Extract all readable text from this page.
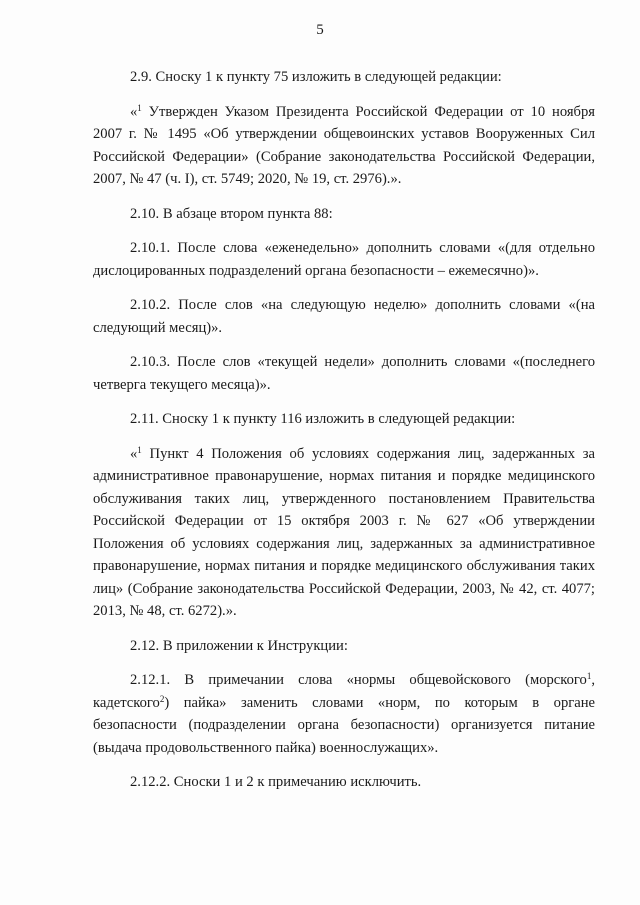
5

2.9. Сноску 1 к пункту 75 изложить в следующей редакции:

«$^1$ Утвержден Указом Президента Российской Федерации от 10 ноября 2007 г. № 1495 «Об утверждении общевоинских уставов Вооруженных Сил Российской Федерации» (Собрание законодательства Российской Федерации, 2007, № 47 (ч. I), ст. 5749; 2020, № 19, ст. 2976).».

2.10. В абзаце втором пункта 88:

2.10.1. После слова «еженедельно» дополнить словами «(для отдельно дислоцированных подразделений органа безопасности – ежемесячно)».

2.10.2. После слов «на следующую неделю» дополнить словами «(на следующий месяц)».

2.10.3. После слов «текущей недели» дополнить словами «(последнего четверга текущего месяца)».

2.11. Сноску 1 к пункту 116 изложить в следующей редакции:

«$^1$ Пункт 4 Положения об условиях содержания лиц, задержанных за административное правонарушение, нормах питания и порядке медицинского обслуживания таких лиц, утвержденного постановлением Правительства Российской Федерации от 15 октября 2003 г. № 627 «Об утверждении Положения об условиях содержания лиц, задержанных за административное правонарушение, нормах питания и порядке медицинского обслуживания таких лиц» (Собрание законодательства Российской Федерации, 2003, № 42, ст. 4077; 2013, № 48, ст. 6272).».

2.12. В приложении к Инструкции:

2.12.1. В примечании слова «нормы общевойскового (морского$^1$, кадетского$^2$) пайка» заменить словами «норм, по которым в органе безопасности (подразделении органа безопасности) организуется питание (выдача продовольственного пайка) военнослужащих».

2.12.2. Сноски 1 и 2 к примечанию исключить.
